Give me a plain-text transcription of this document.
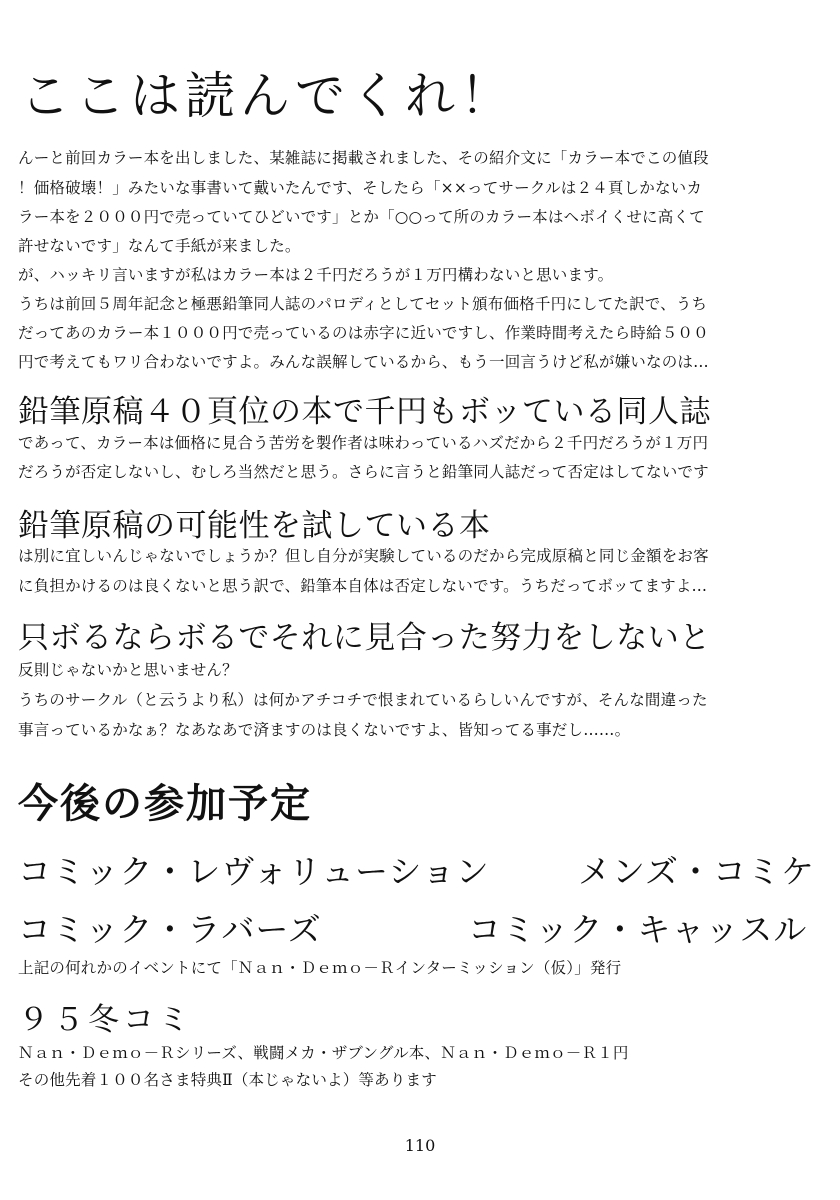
ここは読んでくれ！

んーと前回カラー本を出しました、某雑誌に掲載されました、その紹介文に「カラー本でこの値段

！価格破壊！」みたいな事書いて戴いたんです、そしたら「××ってサークルは２４頁しかないカ

ラー本を２０００円で売っていてひどいです」とか「○○って所のカラー本はヘボイくせに高くて

許せないです」なんて手紙が来ました。

が、ハッキリ言いますが私はカラー本は２千円だろうが１万円構わないと思います。

うちは前回５周年記念と極悪鉛筆同人誌のパロディとしてセット頒布価格千円にしてた訳で、うち

だってあのカラー本１０００円で売っているのは赤字に近いですし、作業時間考えたら時給５００

円で考えてもワリ合わないですよ。みんな誤解しているから、もう一回言うけど私が嫌いなのは…

鉛筆原稿４０頁位の本で千円もボッている同人誌

であって、カラー本は価格に見合う苦労を製作者は味わっているハズだから２千円だろうが１万円

だろうが否定しないし、むしろ当然だと思う。さらに言うと鉛筆同人誌だって否定はしてないです

鉛筆原稿の可能性を試している本

は別に宜しいんじゃないでしょうか？但し自分が実験しているのだから完成原稿と同じ金額をお客

に負担かけるのは良くないと思う訳で、鉛筆本自体は否定しないです。うちだってボッてますよ…

只ボるならボるでそれに見合った努力をしないと

反則じゃないかと思いません？

うちのサークル（と云うより私）は何かアチコチで恨まれているらしいんですが、そんな間違った

事言っているかなぁ？なあなあで済ますのは良くないですよ、皆知ってる事だし……。

今後の参加予定
コミック・レヴォリューション	メンズ・コミケ
コミック・ラバーズ	コミック・キャッスル

上記の何れかのイベントにて「Ｎａｎ・Ｄｅｍｏ－Ｒインターミッション（仮）」発行

９５冬コミ

Ｎａｎ・Ｄｅｍｏ－Ｒシリーズ、戦闘メカ・ザブングル本、Ｎａｎ・Ｄｅｍｏ－Ｒ１円

その他先着１００名さま特典Ⅱ（本じゃないよ）等あります

110
